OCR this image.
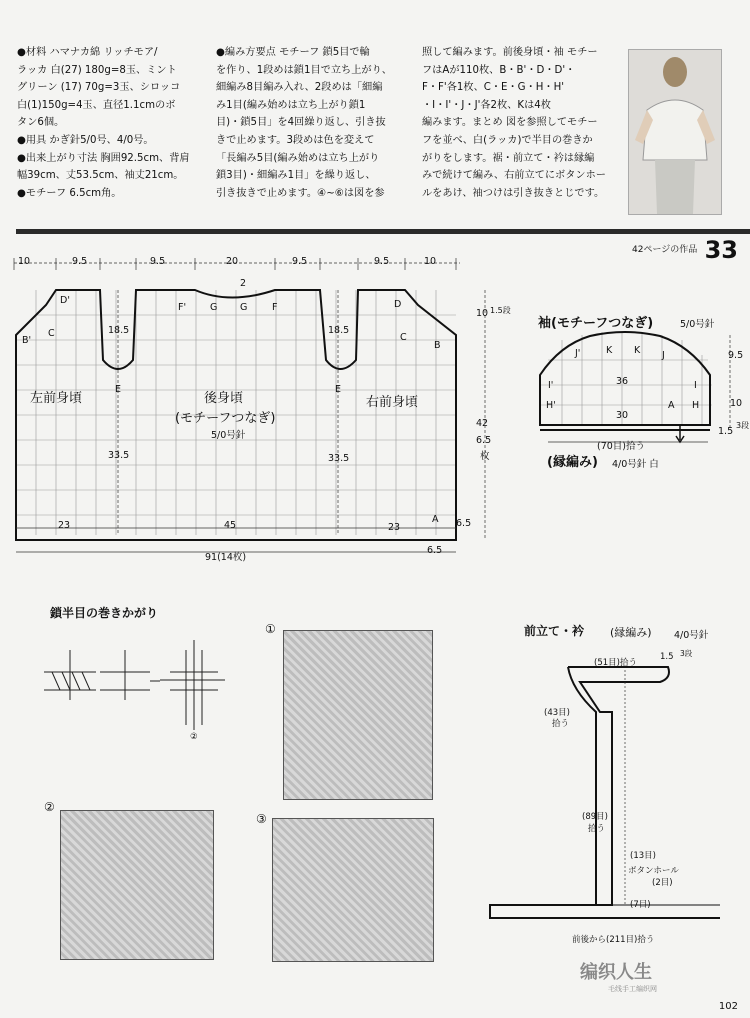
●材料 ハマナカ綿 リッチモア/

ラッカ 白(27) 180g=8玉、ミント

グリーン (17) 70g=3玉、シロッコ

白(1)150g=4玉、直径1.1cmのボ

タン6個。

●用具 かぎ針5/0号、4/0号。

●出来上がり寸法 胸囲92.5cm、背肩

幅39cm、丈53.5cm、袖丈21cm。

●モチーフ 6.5cm角。

●編み方要点 モチーフ 鎖5目で輪

を作り、1段めは鎖1目で立ち上がり、

細編み8目編み入れ、2段めは「細編

み1目(編み始めは立ち上がり鎖1

目)・鎖5目」を4回繰り返し、引き抜

きで止めます。3段めは色を変えて

「長編み5目(編み始めは立ち上がり

鎖3目)・細編み1目」を繰り返し、

引き抜きで止めます。④~⑥は図を参

照して編みます。前後身頃・袖 モチー

フはAが110枚、B・B'・D・D'・

F・F'各1枚、C・E・G・H・H'

・I・I'・J・J'各2枚、Kは4枚

編みます。まとめ 図を参照してモチー

フを並べ、白(ラッカ)で半目の巻きか

がりをします。裾・前立て・衿は縁編

みで続けて編み、右前立てにボタンホー

ルをあけ、袖つけは引き抜きとじです。

42ページの作品 33
10	9.5	9.5	20	9.5	9.5	10
2
D'
C
B'
F'	G G	F	D
C
B
E	E
A
18.5	18.5
33.5	33.5
左前身頃	後身頃
(モチーフつなぎ)
5/0号針
右前身頃
23	45	23
91(14枚)
6.5
6.5
10 1.5段
42
6.5
枚
袖(モチーフつなぎ)	5/0号針
J'	K K J
I'	I
H'	A H
36
30
(70目)拾う
(縁編み) 4/0号針 白
9.5
10
1.5
3段
鎖半目の巻きかがり
②
①
②
③
前立て・衿 (縁編み) 4/0号針
(51目)拾う
1.5 3段
(43目)
拾う
(89目)
拾う
(13目)
ボタンホール
(2目)
(7目)
前後から(211目)拾う
编织人生
毛线手工编织网
102
